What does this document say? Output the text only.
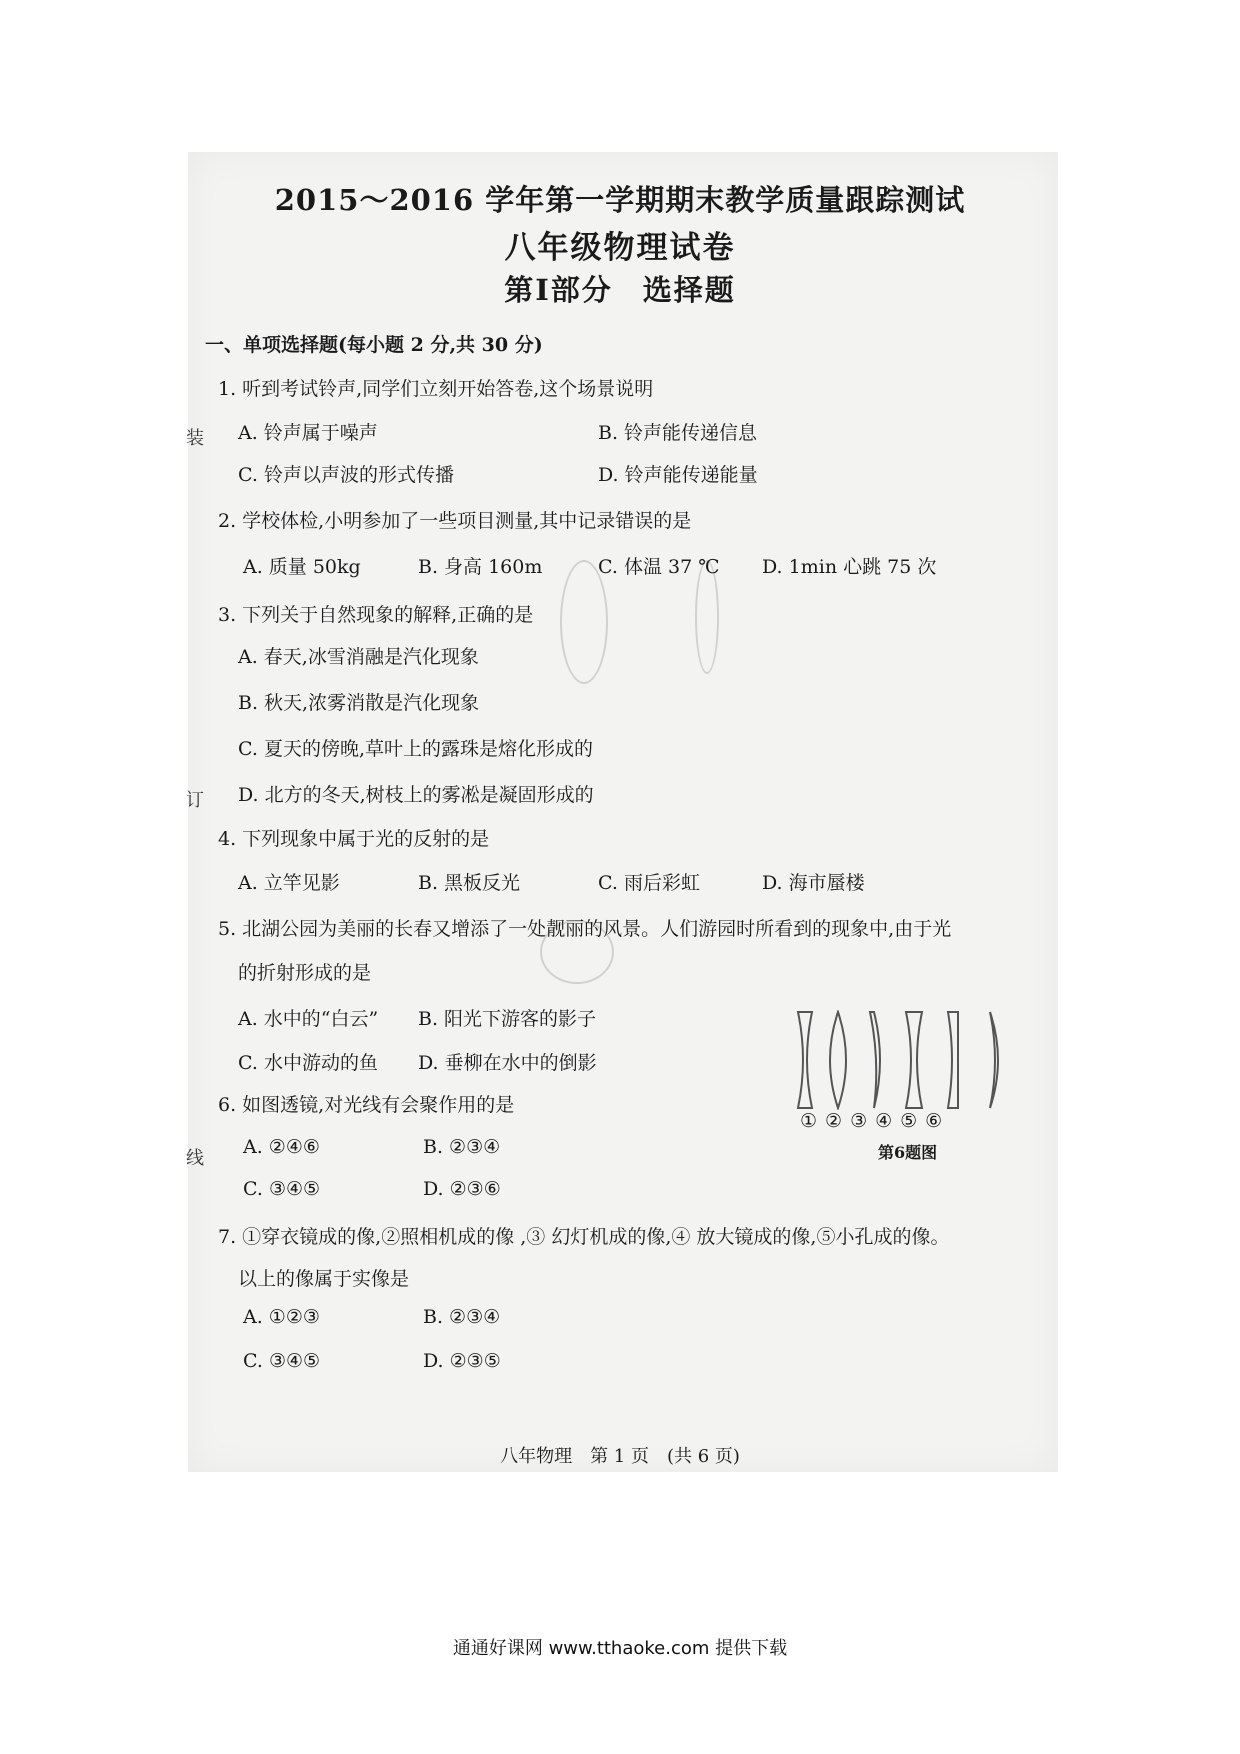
2015～2016 学年第一学期期末教学质量跟踪测试
八年级物理试卷
第Ⅰ部分 选择题
一、单项选择题(每小题 2 分,共 30 分)
装
订
线
1. 听到考试铃声,同学们立刻开始答卷,这个场景说明
A. 铃声属于噪声	B. 铃声能传递信息
C. 铃声以声波的形式传播	D. 铃声能传递能量
2. 学校体检,小明参加了一些项目测量,其中记录错误的是
A. 质量 50kg	B. 身高 160m	C. 体温 37 ℃ D. 1min 心跳 75 次
3. 下列关于自然现象的解释,正确的是
A. 春天,冰雪消融是汽化现象
B. 秋天,浓雾消散是汽化现象
C. 夏天的傍晚,草叶上的露珠是熔化形成的
D. 北方的冬天,树枝上的雾凇是凝固形成的
4. 下列现象中属于光的反射的是
A. 立竿见影	B. 黑板反光	C. 雨后彩虹	D. 海市蜃楼
5. 北湖公园为美丽的长春又增添了一处靓丽的风景。人们游园时所看到的现象中,由于光
的折射形成的是
A. 水中的“白云” B. 阳光下游客的影子
C. 水中游动的鱼 D. 垂柳在水中的倒影
6. 如图透镜,对光线有会聚作用的是
A. ②④⑥	B. ②③④
C. ③④⑤	D. ②③⑥
①②③④⑤⑥
第6题图
7. ①穿衣镜成的像,②照相机成的像 ,③ 幻灯机成的像,④ 放大镜成的像,⑤小孔成的像。
以上的像属于实像是
A. ①②③	B. ②③④
C. ③④⑤	D. ②③⑤
八年物理　第 1 页　(共 6 页)
通通好课网 www.tthaoke.com 提供下载
